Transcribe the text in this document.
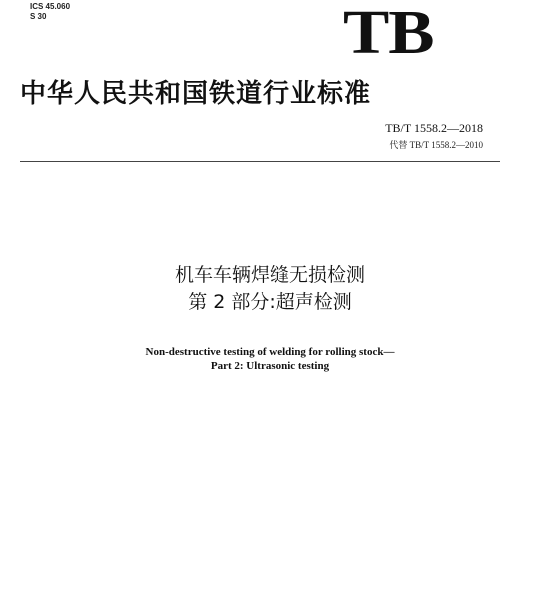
ICS 45.060
S 30	TB
中华人民共和国铁道行业标准
TB/T 1558.2—2018
代替 TB/T 1558.2—2010
机车车辆焊缝无损检测
第 2 部分:超声检测
Non-destructive testing of welding for rolling stock—
Part 2: Ultrasonic testing
